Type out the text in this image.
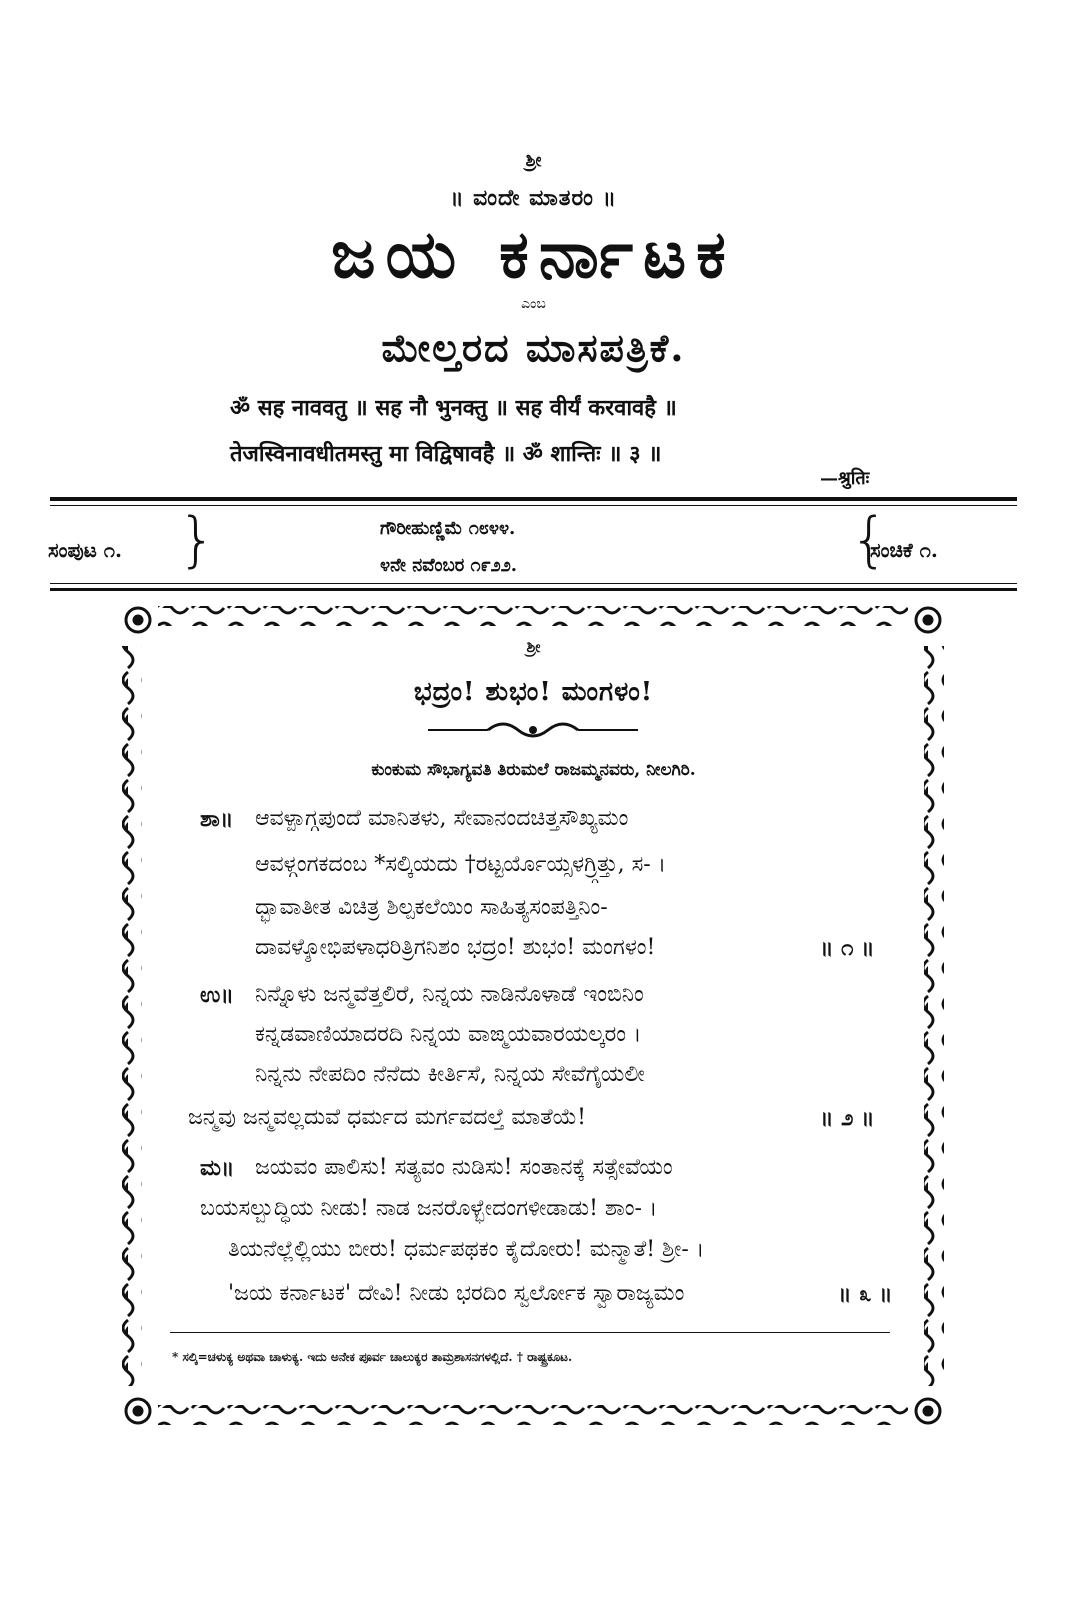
ಶ್ರೀ
॥ ವಂದೇ ಮಾತರಂ ॥
ಜಯ ಕರ್ನಾಟಕ
ಎಂಬ
ಮೇಲ್ತರದ ಮಾಸಪತ್ರಿಕೆ.
ॐ सह नाववतु ॥ सह नौ भुनक्तु ॥ सह वीर्यं करवावहै ॥
तेजस्विनावधीतमस्तु मा विद्विषावहै ॥ ॐ शान्तिः ॥ ३ ॥
—श्रुतिः
ಸಂಪುಟ ೧. }	ಗೌರೀಹುಣ್ಣಿಮೆ ೧೮೪೪.
೪ನೇ ನವೆಂಬರ ೧೯೨೨.	{
ಸಂಚಿಕೆ ೧.
ಶ್ರೀ
ಭದ್ರಂ! ಶುಭಂ! ಮಂಗಳಂ!
ಕುಂಕುಮ ಸೌಭಾಗ್ಯವತಿ ತಿರುಮಲೆ ರಾಜಮ್ಮನವರು, ನೀಲಗಿರಿ.
ಶಾ॥ ಆವಳ್ಪಾಗ್ಗಪುಂದೆ ಮಾನಿತಳು, ಸೇವಾನಂದಚಿತ್ತಸೌಖ್ಯಮಂ
ಆವಳ್ಗಂಗಕದಂಬ *ಸಲ್ಕಿಯದು †ರಟ್ಟರ್ಯೊಯ್ಸಳಗ್ರ್ಗಿತ್ತು, ಸ- ।
ದ್ಭಾವಾತೀತ ವಿಚಿತ್ರ ಶಿಲ್ಪಕಲೆಯಿಂ ಸಾಹಿತ್ಯಸಂಪತ್ತಿನಿಂ-
ದಾವಳ್ಶೋಭಿಪಳಾಧರಿತ್ರಿಗನಿಶಂ ಭದ್ರಂ! ಶುಭಂ! ಮಂಗಳಂ!	॥ ೧ ॥
ಉ॥ ನಿನ್ನೊಳು ಜನ್ಮವೆತ್ತಲಿರೆ, ನಿನ್ನಯ ನಾಡಿನೊಳಾಡೆ ಇಂಬಿನಿಂ
ಕನ್ನಡವಾಣಿಯಾದರದಿ ನಿನ್ನಯ ವಾಙ್ಮಯವಾರಯಲ್ಕರಂ ।
ನಿನ್ನನು ನೇಪದಿಂ ನೆನೆದು ಕೀರ್ತಿಸೆ, ನಿನ್ನಯ ಸೇವೆಗೈಯಲೀ
ಜನ್ಮವು ಜನ್ಮವಲ್ಲದುವೆ ಧರ್ಮದ ಮರ್ಗವದಲ್ತೆ ಮಾತೆಯೆ!	॥ ೨ ॥
ಮ॥ ಜಯವಂ ಪಾಲಿಸು! ಸತ್ಯವಂ ನುಡಿಸು! ಸಂತಾನಕ್ಕೆ ಸತ್ಸೇವೆಯಂ
ಬಯಸಲ್ಬುದ್ಧಿಯ ನೀಡು! ನಾಡ ಜನರೊಳ್ಭೇದಂಗಳೀಡಾಡು! ಶಾಂ- ।
ತಿಯನೆಲ್ಲೆಲ್ಲಿಯು ಬೀರು! ಧರ್ಮಪಥಕಂ ಕೈದೋರು! ಮನ್ಮಾತೆ! ಶ್ರೀ- ।
'ಜಯ ಕರ್ನಾಟಕ' ದೇವಿ! ನೀಡು ಭರದಿಂ ಸ್ವರ್ಲೋಕ ಸ್ವಾರಾಜ್ಯಮಂ	॥ ೩ ॥
* ಸಲ್ಕಿ=ಚಳುಕ್ಯ ಅಥವಾ ಚಾಳುಕ್ಯ. ಇದು ಅನೇಕ ಪೂರ್ವ ಚಾಲುಕ್ಯರ ತಾಮ್ರಶಾಸನಗಳಲ್ಲಿದೆ. † ರಾಷ್ಟ್ರಕೂಟ.
